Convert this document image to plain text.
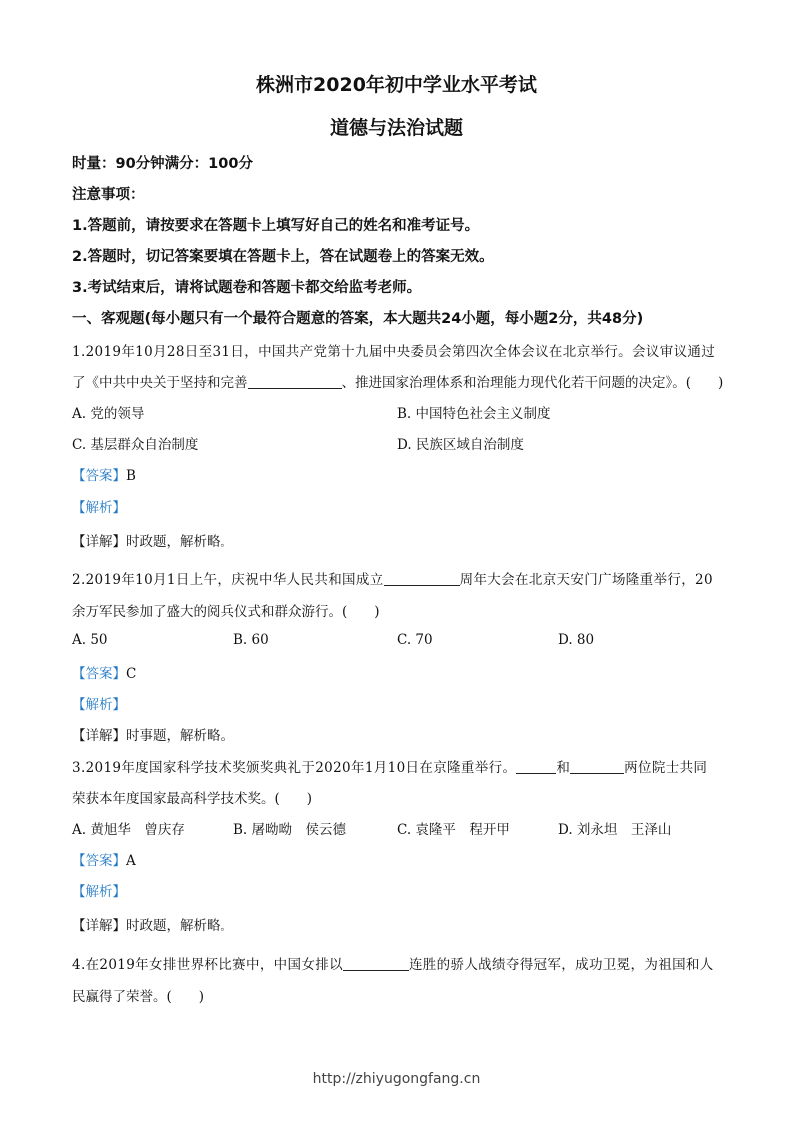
株洲市2020年初中学业水平考试
道德与法治试题
时量：90分钟满分：100分
注意事项：
1.答题前，请按要求在答题卡上填写好自己的姓名和准考证号。
2.答题时，切记答案要填在答题卡上，答在试题卷上的答案无效。
3.考试结束后，请将试题卷和答题卡都交给监考老师。
一、客观题(每小题只有一个最符合题意的答案，本大题共24小题，每小题2分，共48分)
1.2019年10月28日至31日，中国共产党第十九届中央委员会第四次全体会议在北京举行。会议审议通过
了《中共中央关于坚持和完善	、推进国家治理体系和治理能力现代化若干问题的决定》。(　　)
A. 党的领导	B. 中国特色社会主义制度
C. 基层群众自治制度	D. 民族区域自治制度
【答案】B
【解析】
【详解】时政题，解析略。
2.2019年10月1日上午，庆祝中华人民共和国成立	周年大会在北京天安门广场隆重举行，20
余万军民参加了盛大的阅兵仪式和群众游行。(　　)
A. 50	B. 60	C. 70	D. 80
【答案】C
【解析】
【详解】时事题，解析略。
3.2019年度国家科学技术奖颁奖典礼于2020年1月10日在京隆重举行。	和	两位院士共同
荣获本年度国家最高科学技术奖。(　　)
A. 黄旭华　曾庆存	B. 屠呦呦　侯云德	C. 袁隆平　程开甲	D. 刘永坦　王泽山
【答案】A
【解析】
【详解】时政题，解析略。
4.在2019年女排世界杯比赛中，中国女排以	连胜的骄人战绩夺得冠军，成功卫冕，为祖国和人
民赢得了荣誉。(　　)
http://zhiyugongfang.cn
